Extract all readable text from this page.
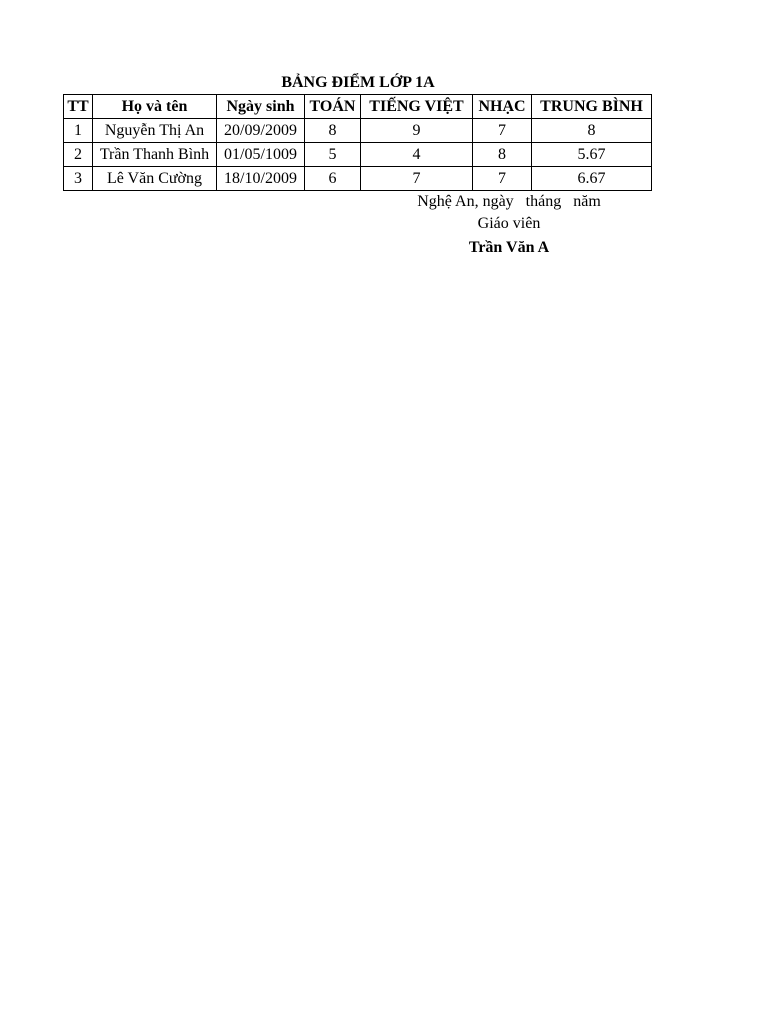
BẢNG ĐIỂM LỚP 1A
TT	Họ và tên	Ngày sinh	TOÁN	TIẾNG VIỆT	NHẠC	TRUNG BÌNH
1	Nguyễn Thị An	20/09/2009	8	9	7	8
2	Trần Thanh Bình	01/05/1009	5	4	8	5.67
3	Lê Văn Cường	18/10/2009	6	7	7	6.67
Nghệ An, ngày   tháng   năm
Giáo viên
Trần Văn A
